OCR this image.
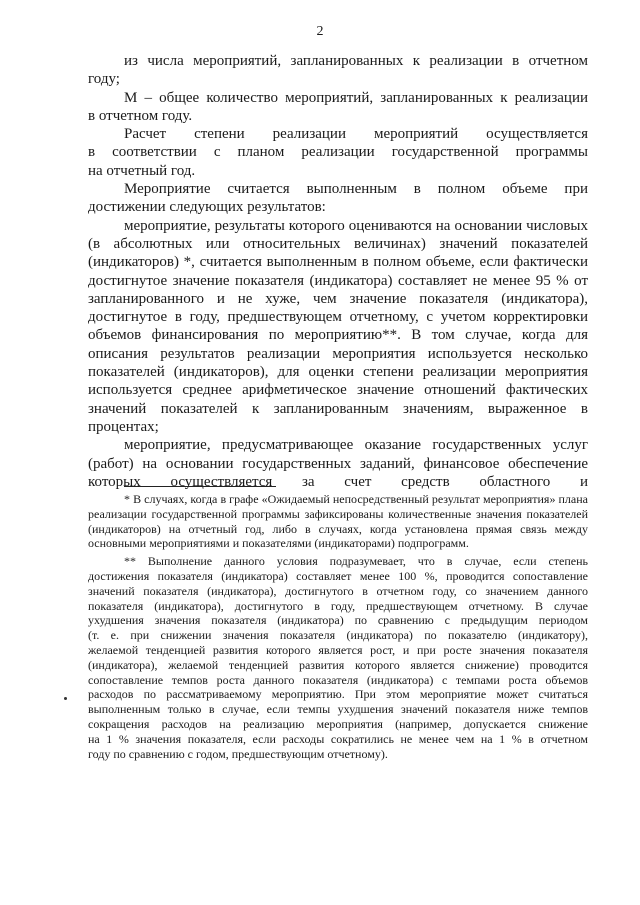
2

из числа мероприятий, запланированных к реализации в отчетном

году;

М – общее количество мероприятий, запланированных к реализации

в отчетном году.

Расчет степени реализации мероприятий осуществляется

в соответствии с планом реализации государственной программы

на отчетный год.

Мероприятие считается выполненным в полном объеме при

достижении следующих результатов:

мероприятие, результаты которого оцениваются на основании числовых (в абсолютных или относительных величинах) значений показателей (индикаторов) *, считается выполненным в полном объеме, если фактически достигнутое значение показателя (индикатора) составляет не менее 95 % от запланированного и не хуже, чем значение показателя (индикатора), достигнутое в году, предшествующем отчетному, с учетом корректировки объемов финансирования по мероприятию**. В том случае, когда для описания результатов реализации мероприятия используется несколько показателей (индикаторов), для оценки степени реализации мероприятия используется среднее арифметическое значение отношений фактических значений показателей к запланированным значениям, выраженное в процентах;

мероприятие, предусматривающее оказание государственных услуг (работ) на основании государственных заданий, финансовое обеспечение которых осуществляется за счет средств областного и

* В случаях, когда в графе «Ожидаемый непосредственный результат мероприятия» плана реализации государственной программы зафиксированы количественные значения показателей (индикаторов) на отчетный год, либо в случаях, когда установлена прямая связь между основными мероприятиями и показателями (индикаторами) подпрограмм.

** Выполнение данного условия подразумевает, что в случае, если степень
достижения показателя (индикатора) составляет менее 100 %, проводится сопоставление
значений показателя (индикатора), достигнутого в отчетном году, со значением данного
показателя (индикатора), достигнутого в году, предшествующем отчетному. В случае
ухудшения значения показателя (индикатора) по сравнению с предыдущим периодом
(т. е. при снижении значения показателя (индикатора) по показателю (индикатору),
желаемой тенденцией развития которого является рост, и при росте значения показателя
(индикатора), желаемой тенденцией развития которого является снижение) проводится
сопоставление темпов роста данного показателя (индикатора) с темпами роста объемов
расходов по рассматриваемому мероприятию. При этом мероприятие может считаться
выполненным только в случае, если темпы ухудшения значений показателя ниже темпов
сокращения расходов на реализацию мероприятия (например, допускается снижение
на 1 % значения показателя, если расходы сократились не менее чем на 1 % в отчетном
году по сравнению с годом, предшествующим отчетному).
